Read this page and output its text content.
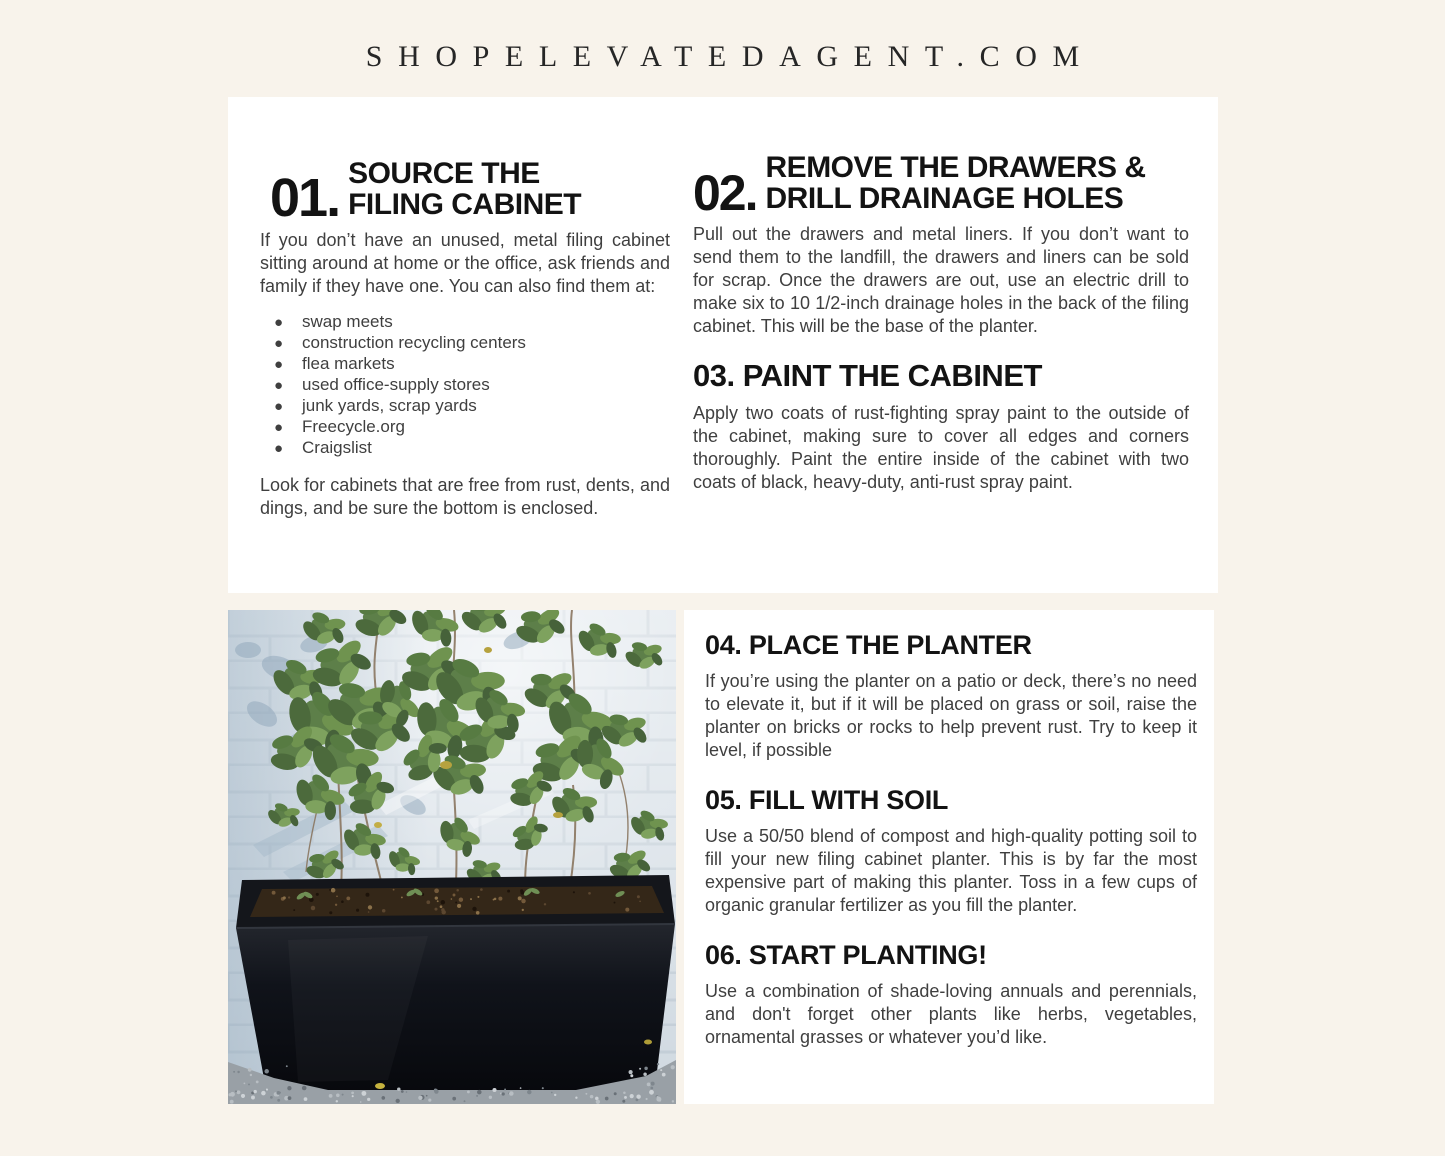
SHOPELEVATEDAGENT.COM
01. SOURCE THE
FILING CABINET

If you don’t have an unused, metal filing cabinet sitting around at home or the office, ask friends and family if they have one. You can also find them at:

●	swap meets
●	construction recycling centers
●	flea markets
●	used office-supply stores
●	junk yards, scrap yards
●	Freecycle.org
●	Craigslist

Look for cabinets that are free from rust, dents, and dings, and be sure the bottom is enclosed.

02. REMOVE THE DRAWERS &
DRILL DRAINAGE HOLES

Pull out the drawers and metal liners. If you don’t want to send them to the landfill, the drawers and liners can be sold for scrap. Once the drawers are out, use an electric drill to make six to 10 1/2-inch drainage holes in the back of the filing cabinet. This will be the base of the planter.

03. PAINT THE CABINET

Apply two coats of rust-fighting spray paint to the outside of the cabinet, making sure to cover all edges and corners thoroughly. Paint the entire inside of the cabinet with two coats of black, heavy-duty, anti-rust spray paint.

04. PLACE THE PLANTER

If you’re using the planter on a patio or deck, there’s no need to elevate it, but if it will be placed on grass or soil, raise the planter on bricks or rocks to help prevent rust. Try to keep it level, if possible

05. FILL WITH SOIL

Use a 50/50 blend of compost and high-quality potting soil to fill your new filing cabinet planter. This is by far the most expensive part of making this planter. Toss in a few cups of organic granular fertilizer as you fill the planter.

06. START PLANTING!

Use a combination of shade-loving annuals and perennials, and don't forget other plants like herbs, vegetables, ornamental grasses or whatever you’d like.
